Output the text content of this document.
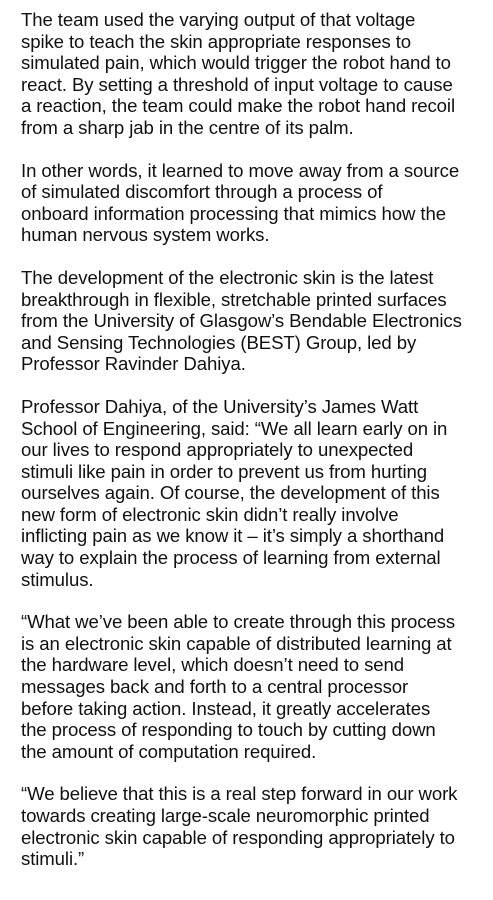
The team used the varying output of that voltage
spike to teach the skin appropriate responses to
simulated pain, which would trigger the robot hand to
react. By setting a threshold of input voltage to cause
a reaction, the team could make the robot hand recoil
from a sharp jab in the centre of its palm.

In other words, it learned to move away from a source
of simulated discomfort through a process of
onboard information processing that mimics how the
human nervous system works.

The development of the electronic skin is the latest
breakthrough in flexible, stretchable printed surfaces
from the University of Glasgow’s Bendable Electronics
and Sensing Technologies (BEST) Group, led by
Professor Ravinder Dahiya.

Professor Dahiya, of the University’s James Watt
School of Engineering, said: “We all learn early on in
our lives to respond appropriately to unexpected
stimuli like pain in order to prevent us from hurting
ourselves again. Of course, the development of this
new form of electronic skin didn’t really involve
inflicting pain as we know it – it’s simply a shorthand
way to explain the process of learning from external
stimulus.

“What we’ve been able to create through this process
is an electronic skin capable of distributed learning at
the hardware level, which doesn’t need to send
messages back and forth to a central processor
before taking action. Instead, it greatly accelerates
the process of responding to touch by cutting down
the amount of computation required.

“We believe that this is a real step forward in our work
towards creating large-scale neuromorphic printed
electronic skin capable of responding appropriately to
stimuli.”
